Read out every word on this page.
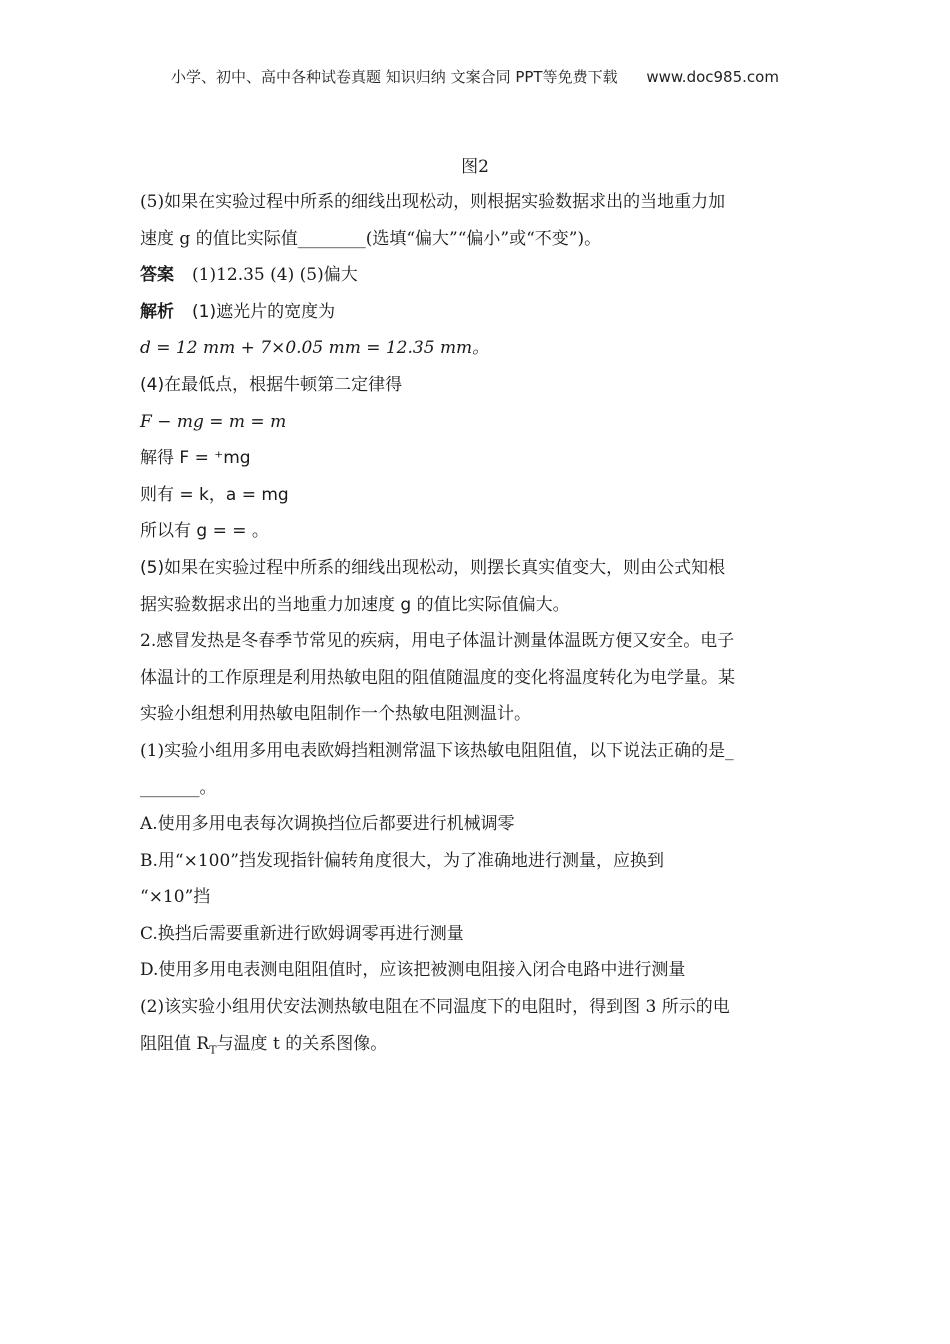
小学、初中、高中各种试卷真题 知识归纳 文案合同 PPT等免费下载 www.doc985.com
图2
(5)如果在实验过程中所系的细线出现松动，则根据实验数据求出的当地重力加
速度 g 的值比实际值________(选填“偏大”“偏小”或“不变”)。
答案 (1)12.35 (4) (5)偏大
解析 (1)遮光片的宽度为
d = 12 mm + 7×0.05 mm = 12.35 mm。
(4)在最低点，根据牛顿第二定律得
F − mg = m = m
解得 F = ⁺mg
则有 = k，a = mg
所以有 g = = 。
(5)如果在实验过程中所系的细线出现松动，则摆长真实值变大，则由公式知根
据实验数据求出的当地重力加速度 g 的值比实际值偏大。
2.感冒发热是冬春季节常见的疾病，用电子体温计测量体温既方便又安全。电子
体温计的工作原理是利用热敏电阻的阻值随温度的变化将温度转化为电学量。某
实验小组想利用热敏电阻制作一个热敏电阻测温计。
(1)实验小组用多用电表欧姆挡粗测常温下该热敏电阻阻值，以下说法正确的是_
_______。
A.使用多用电表每次调换挡位后都要进行机械调零
B.用“×100”挡发现指针偏转角度很大，为了准确地进行测量，应换到
“×10”挡
C.换挡后需要重新进行欧姆调零再进行测量
D.使用多用电表测电阻阻值时，应该把被测电阻接入闭合电路中进行测量
(2)该实验小组用伏安法测热敏电阻在不同温度下的电阻时，得到图 3 所示的电
阻阻值 $R_T$与温度 t 的关系图像。
